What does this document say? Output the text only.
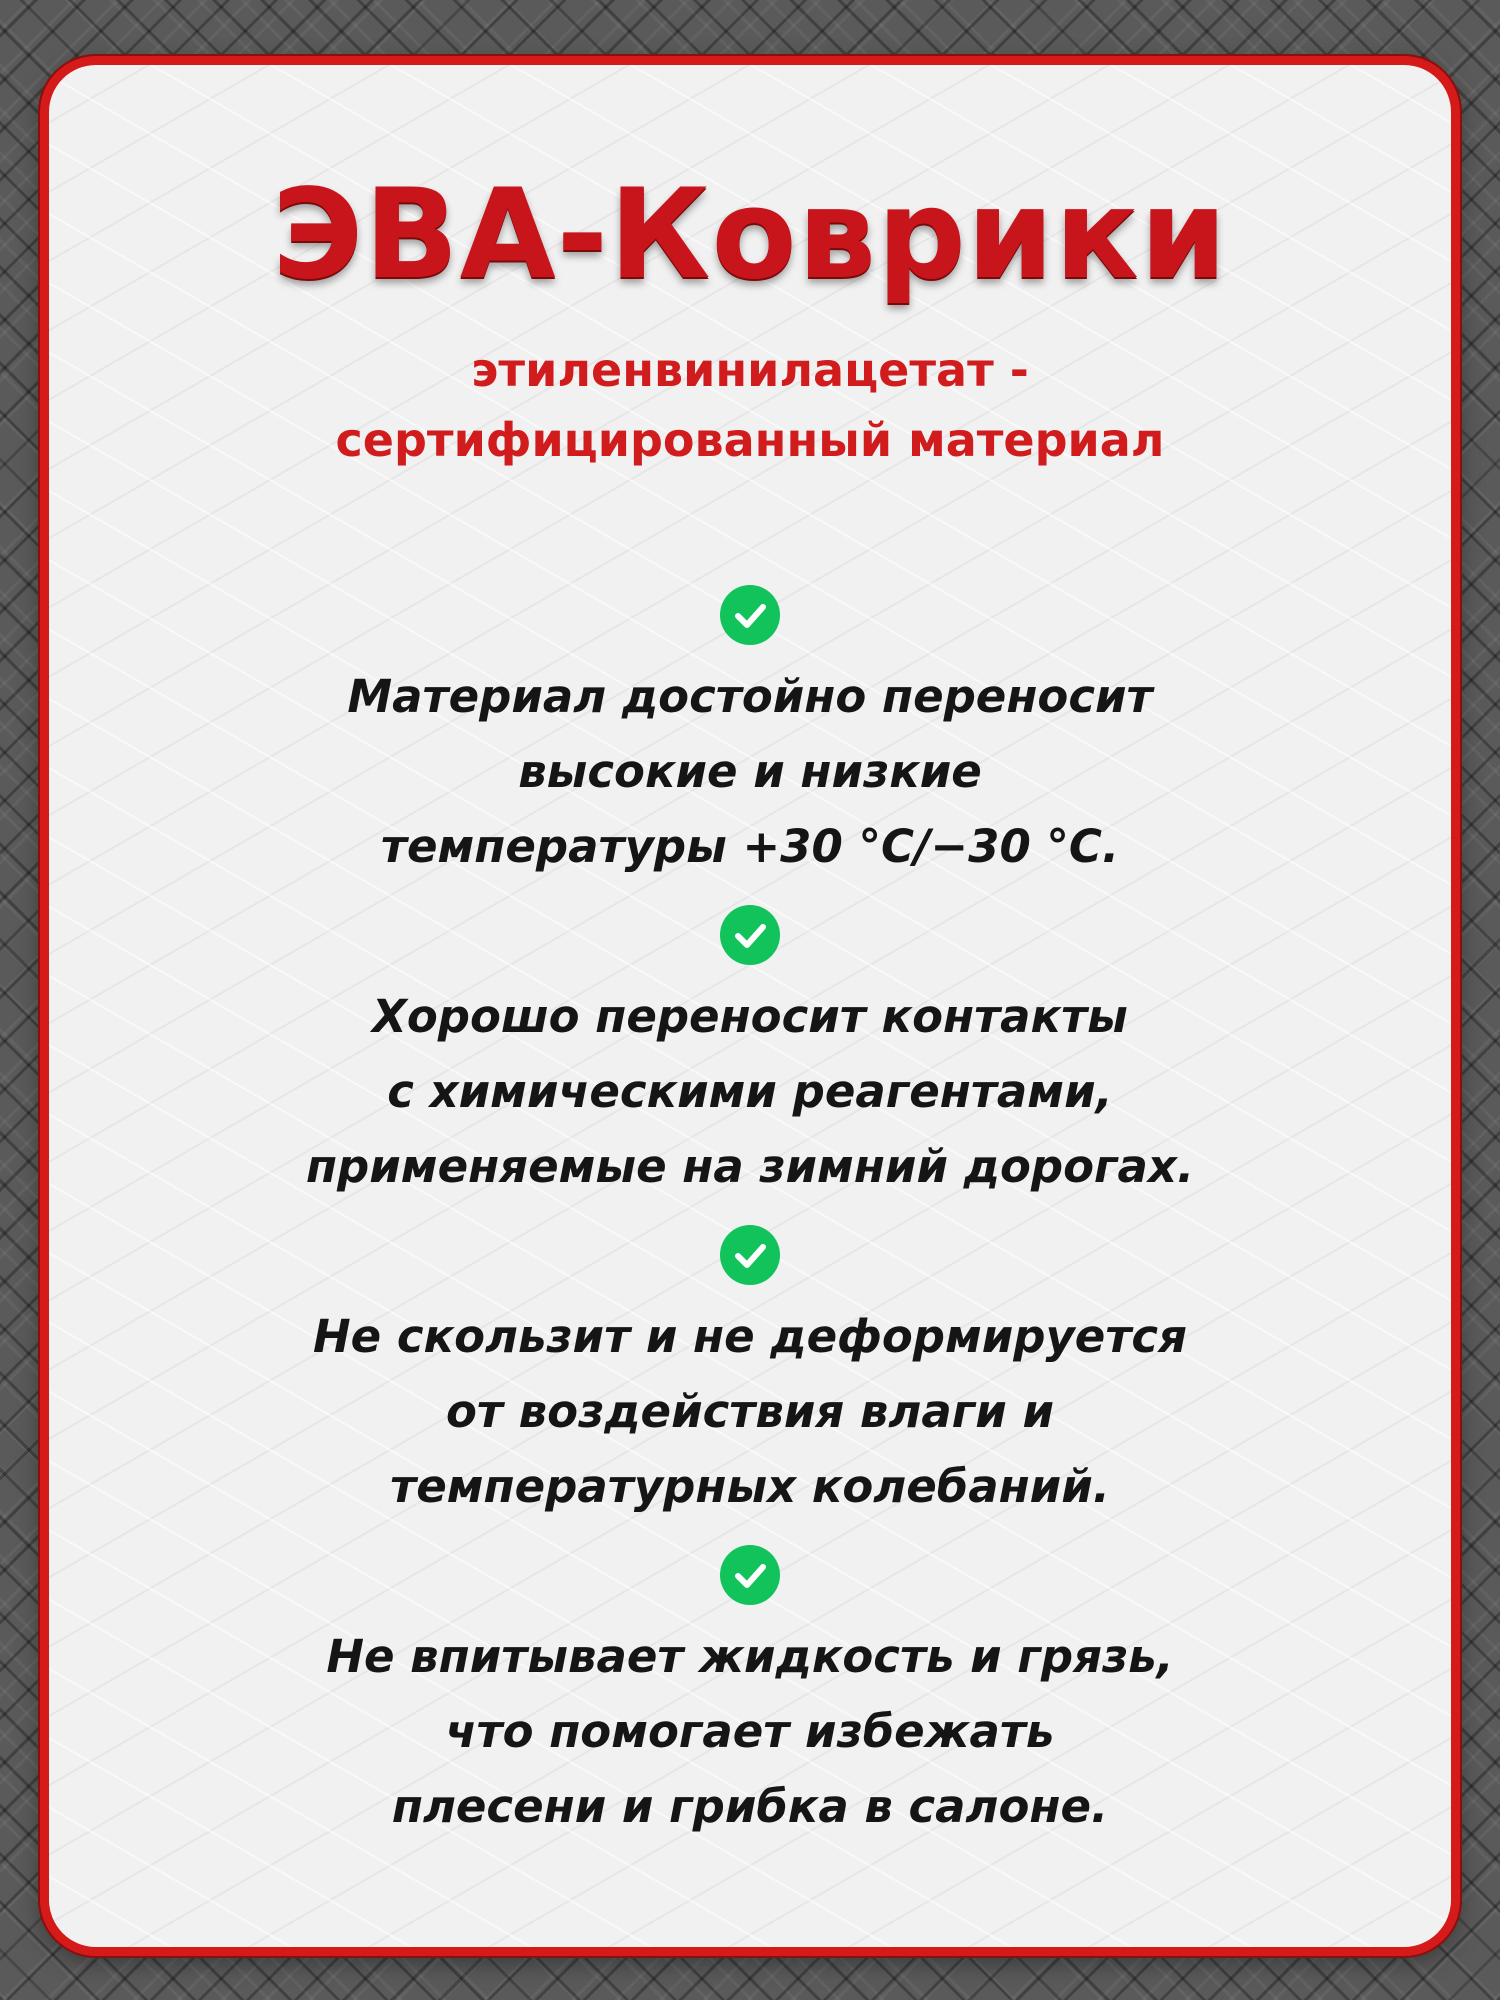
ЭВА-Коврики
этиленвинилацетат -
сертифицированный материал
Материал достойно переносит
высокие и низкие
температуры +30 °C/−30 °C.
Хорошо переносит контакты
с химическими реагентами,
применяемые на зимний дорогах.
Не скользит и не деформируется
от воздействия влаги и
температурных колебаний.
Не впитывает жидкость и грязь,
что помогает избежать
плесени и грибка в салоне.
